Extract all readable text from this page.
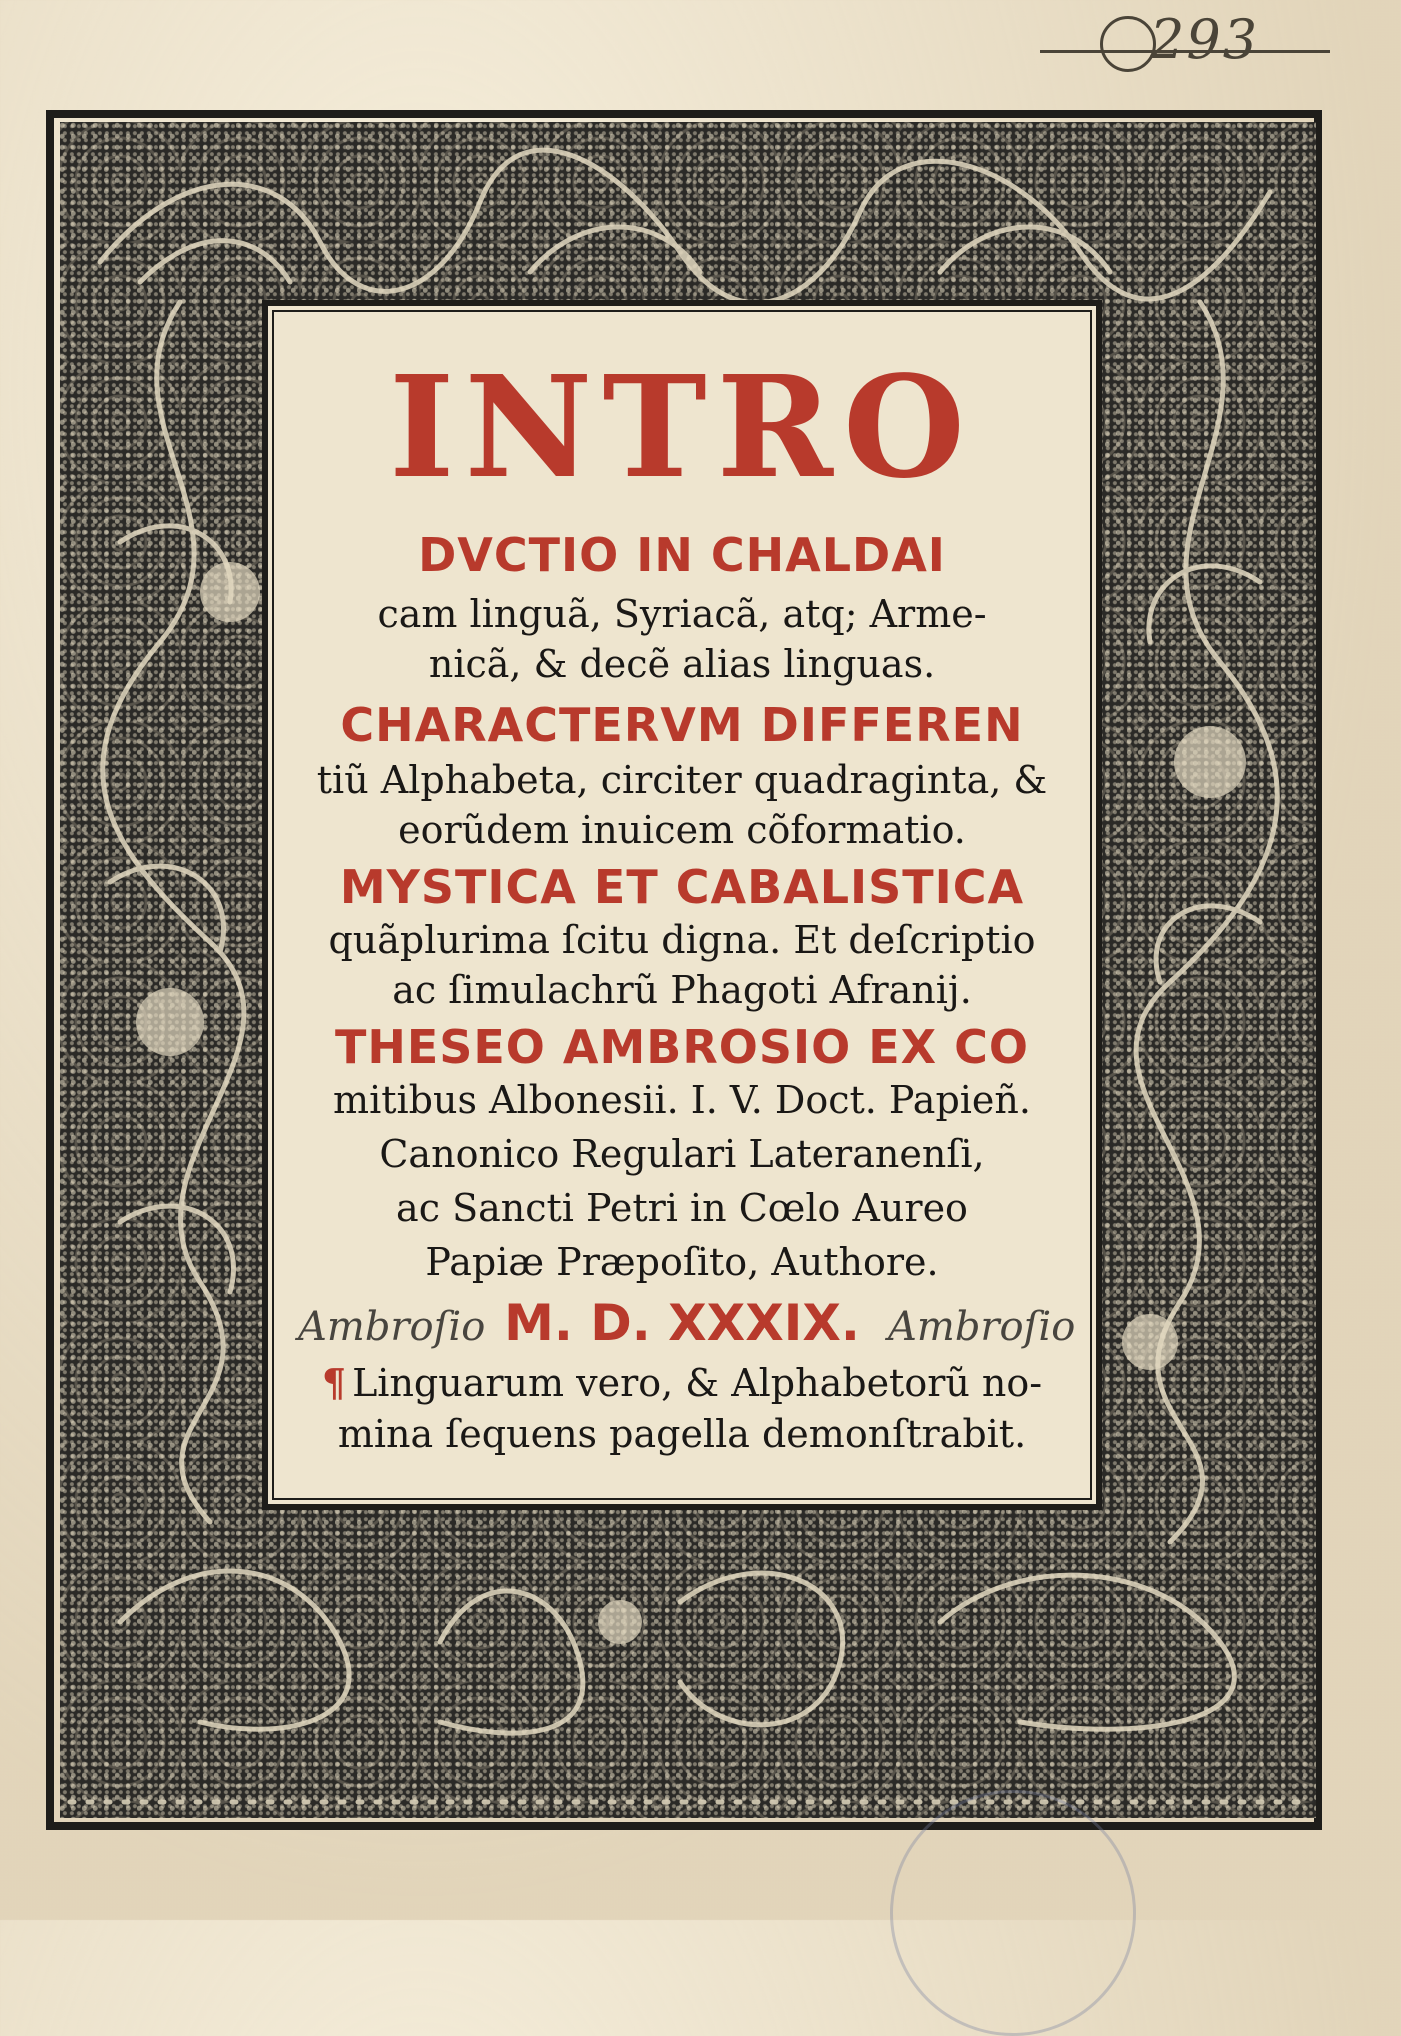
293
INTRO
DVCTIO IN CHALDAI
cam linguã, Syriacã, atq; Arme-
nicã, & decẽ alias linguas.
CHARACTERVM DIFFEREN
tiũ Alphabeta, circiter quadraginta, &
eorũdem inuicem cõformatio.
MYSTICA ET CABALISTICA
quãplurima ſcitu digna. Et deſcriptio
ac ſimulachrũ Phagoti Afranij.
THESEO AMBROSIO EX CO
mitibus Albonesii. I. V. Doct. Papieñ.
Canonico Regulari Lateranenſi,
ac Sancti Petri in Cœlo Aureo
Papiæ Præpoſito, Authore.
M. D. XXXIX.
¶ Linguarum vero, & Alphabetorũ no-
mina ſequens pagella demonſtrabit.
Ambroſio	Ambroſio
